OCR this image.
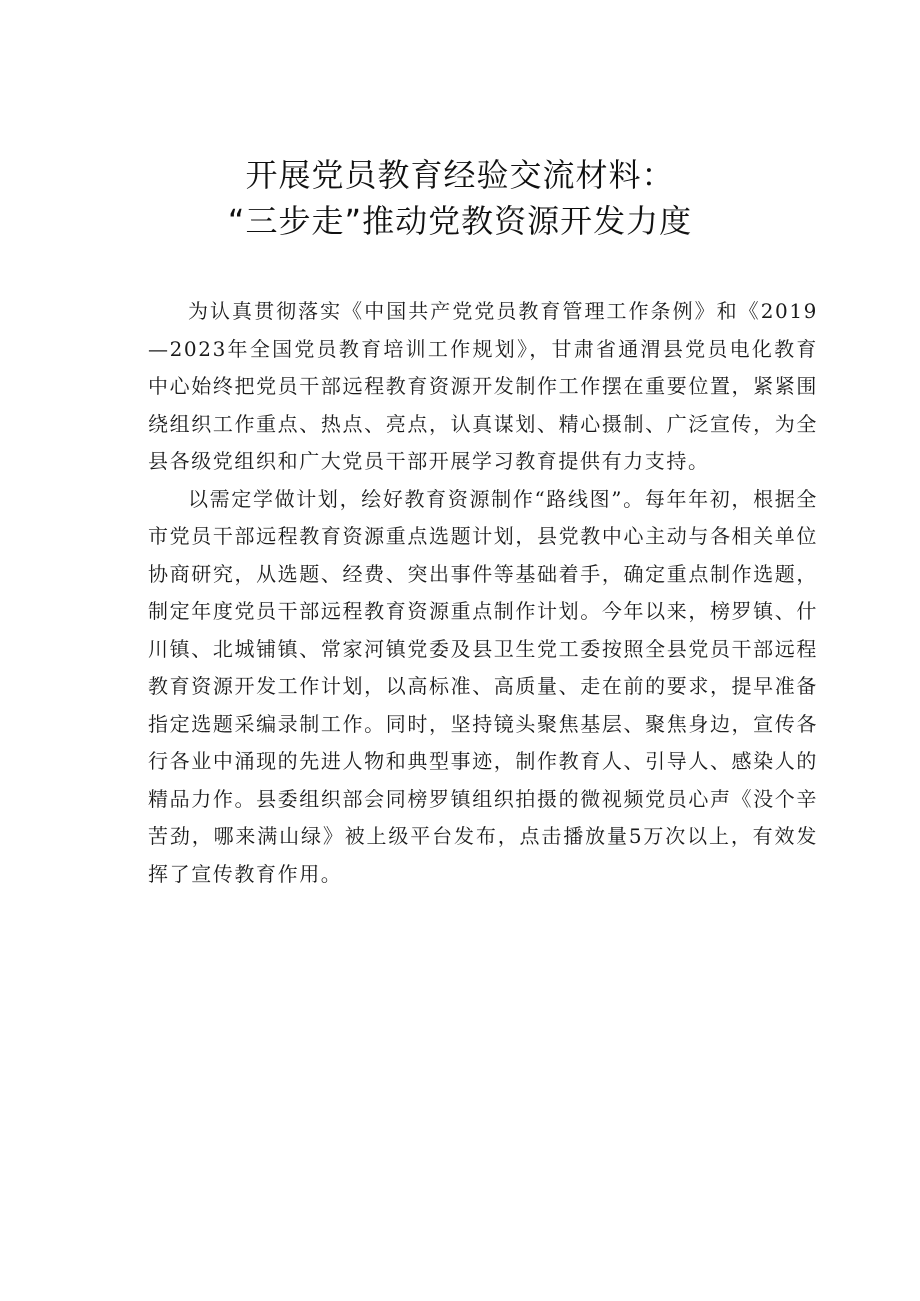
开展党员教育经验交流材料：
“三步走”推动党教资源开发力度

为认真贯彻落实《中国共产党党员教育管理工作条例》和《2019—2023年全国党员教育培训工作规划》，甘肃省通渭县党员电化教育中心始终把党员干部远程教育资源开发制作工作摆在重要位置，紧紧围绕组织工作重点、热点、亮点，认真谋划、精心摄制、广泛宣传，为全县各级党组织和广大党员干部开展学习教育提供有力支持。

以需定学做计划，绘好教育资源制作“路线图”。每年年初，根据全市党员干部远程教育资源重点选题计划，县党教中心主动与各相关单位协商研究，从选题、经费、突出事件等基础着手，确定重点制作选题，制定年度党员干部远程教育资源重点制作计划。今年以来，榜罗镇、什川镇、北城铺镇、常家河镇党委及县卫生党工委按照全县党员干部远程教育资源开发工作计划，以高标准、高质量、走在前的要求，提早准备指定选题采编录制工作。同时，坚持镜头聚焦基层、聚焦身边，宣传各行各业中涌现的先进人物和典型事迹，制作教育人、引导人、感染人的精品力作。县委组织部会同榜罗镇组织拍摄的微视频党员心声《没个辛苦劲，哪来满山绿》被上级平台发布，点击播放量5万次以上，有效发挥了宣传教育作用。
